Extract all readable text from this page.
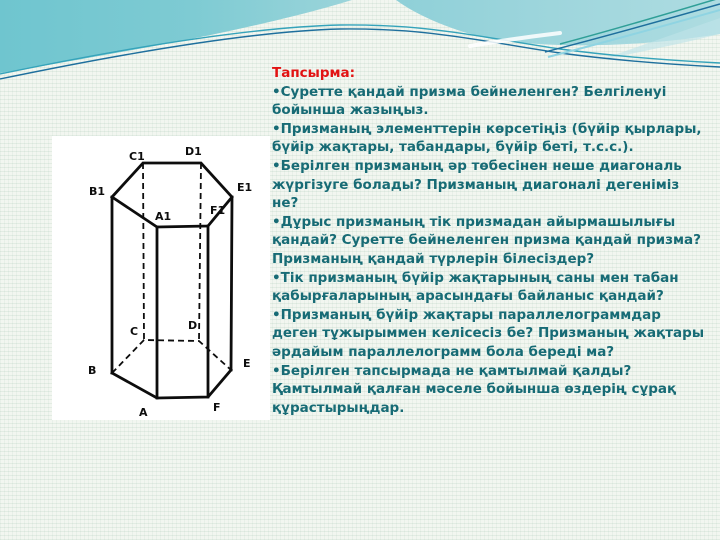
B1
C1	D1
E1
F1
A1
B
C	D
E
F
A
Тапсырма:

•Суретте қандай призма бейнеленген? Белгіленуі бойынша жазыңыз.

•Призманың элементтерін көрсетіңіз (бүйір қырлары, бүйір жақтары, табандары, бүйір беті, т.с.с.).

•Берілген призманың әр төбесінен неше диагональ жүргізуге болады? Призманың диагоналі дегеніміз не?

•Дұрыс призманың тік призмадан айырмашылығы қандай? Суретте бейнеленген призма қандай призма? Призманың қандай түрлерін білесіздер?

•Тік призманың бүйір жақтарының саны мен табан қабырғаларының арасындағы байланыс қандай?

•Призманың бүйір жақтары параллелограммдар деген тұжырыммен келісесіз бе? Призманың жақтары әрдайым параллелограмм бола береді ма?

•Берілген тапсырмада не қамтылмай қалды? Қамтылмай қалған мәселе бойынша өздерің сұрақ құрастырыңдар.
